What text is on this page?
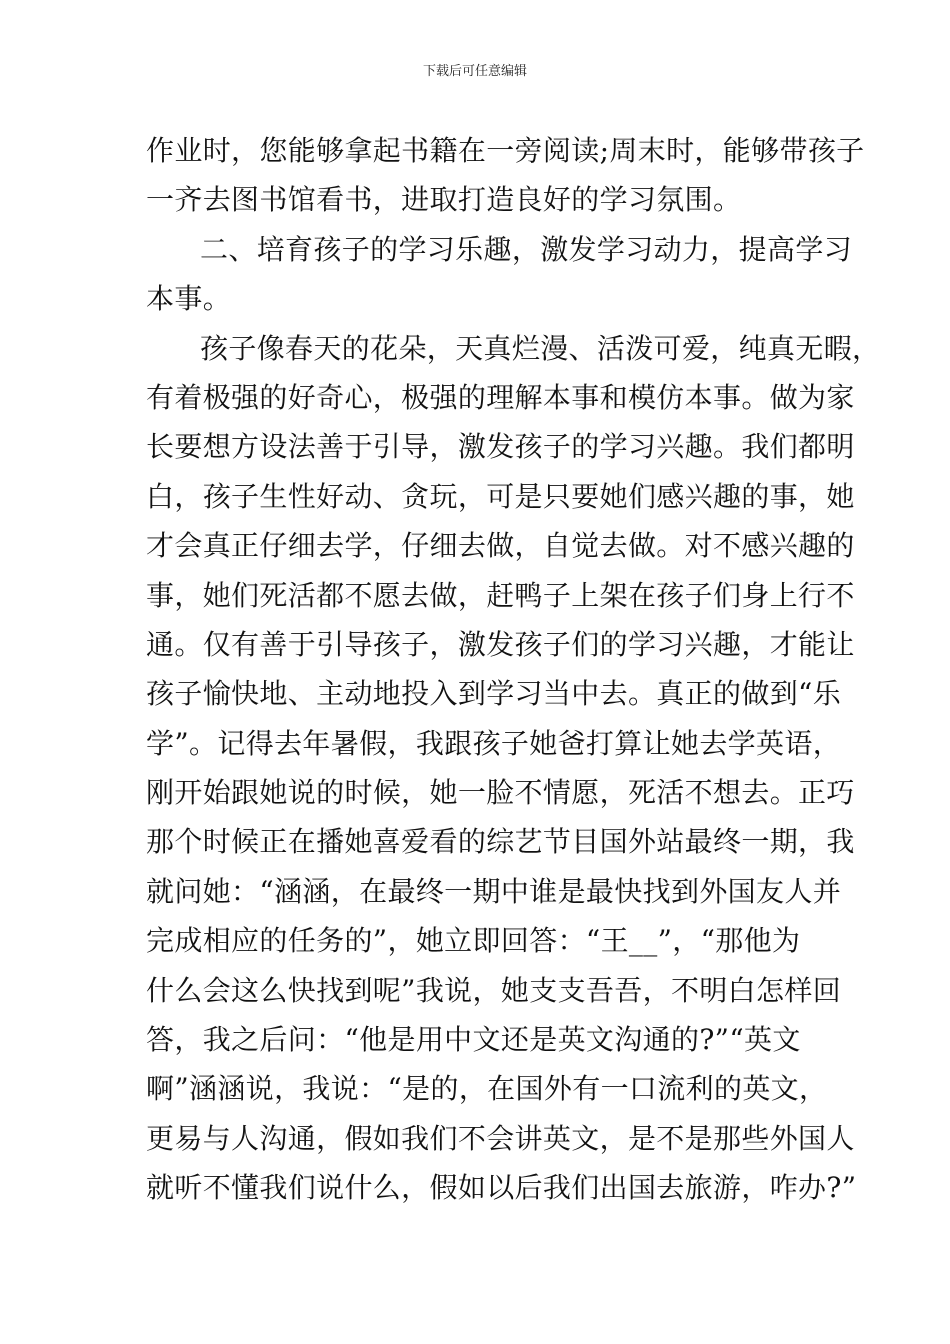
下载后可任意编辑
作业时，您能够拿起书籍在一旁阅读;周末时，能够带孩子
一齐去图书馆看书，进取打造良好的学习氛围。
二、培育孩子的学习乐趣，激发学习动力，提高学习
本事。
孩子像春天的花朵，天真烂漫、活泼可爱，纯真无暇，
有着极强的好奇心，极强的理解本事和模仿本事。做为家
长要想方设法善于引导，激发孩子的学习兴趣。我们都明
白，孩子生性好动、贪玩，可是只要她们感兴趣的事，她
才会真正仔细去学，仔细去做，自觉去做。对不感兴趣的
事，她们死活都不愿去做，赶鸭子上架在孩子们身上行不
通。仅有善于引导孩子，激发孩子们的学习兴趣，才能让
孩子愉快地、主动地投入到学习当中去。真正的做到“乐
学”。记得去年暑假，我跟孩子她爸打算让她去学英语，
刚开始跟她说的时候，她一脸不情愿，死活不想去。正巧
那个时候正在播她喜爱看的综艺节目国外站最终一期，我
就问她：“涵涵，在最终一期中谁是最快找到外国友人并
完成相应的任务的”，她立即回答：“王__”，“那他为
什么会这么快找到呢”我说，她支支吾吾，不明白怎样回
答，我之后问：“他是用中文还是英文沟通的?”“英文
啊”涵涵说，我说：“是的，在国外有一口流利的英文，
更易与人沟通，假如我们不会讲英文，是不是那些外国人
就听不懂我们说什么，假如以后我们出国去旅游，咋办?”
